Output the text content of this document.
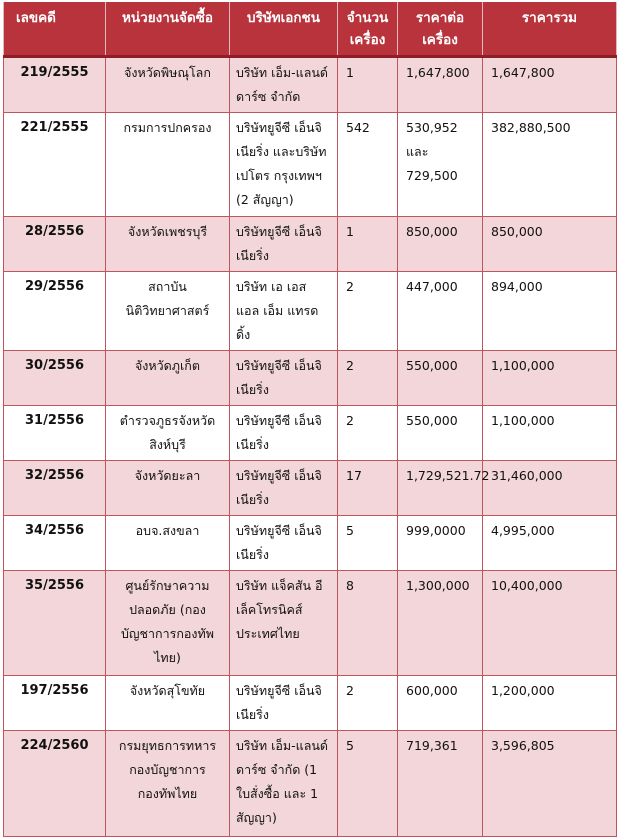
เลขคดี	หน่วยงานจัดซื้อ	บริษัทเอกชน	จำนวนเครื่อง	ราคาต่อเครื่อง	ราคารวม
219/2555	จังหวัดพิษณุโลก	บริษัท เอ็ม-แลนด์ ดาร์ซ จำกัด	1	1,647,800	1,647,800
221/2555	กรมการปกครอง	บริษัทยูจีซี เอ็นจิเนียริ่ง และบริษัทเปโตร กรุงเทพฯ (2 สัญญา)	542	530,952 และ 729,500	382,880,500
28/2556	จังหวัดเพชรบุรี	บริษัทยูจีซี เอ็นจิเนียริ่ง	1	850,000	850,000
29/2556	สถาบันนิติวิทยาศาสตร์	บริษัท เอ เอส แอล เอ็ม แทรดดิ้ง	2	447,000	894,000
30/2556	จังหวัดภูเก็ต	บริษัทยูจีซี เอ็นจิเนียริ่ง	2	550,000	1,100,000
31/2556	ตำรวจภูธรจังหวัดสิงห์บุรี	บริษัทยูจีซี เอ็นจิเนียริ่ง	2	550,000	1,100,000
32/2556	จังหวัดยะลา	บริษัทยูจีซี เอ็นจิเนียริ่ง	17	1,729,521.72	31,460,000
34/2556	อบจ.สงขลา	บริษัทยูจีซี เอ็นจิเนียริ่ง	5	999,0000	4,995,000
35/2556	ศูนย์รักษาความปลอดภัย (กองบัญชาการกองทัพไทย)	บริษัท แจ็คสัน อีเล็คโทรนิคส์ ประเทศไทย	8	1,300,000	10,400,000
197/2556	จังหวัดสุโขทัย	บริษัทยูจีซี เอ็นจิเนียริ่ง	2	600,000	1,200,000
224/2560	กรมยุทธการทหาร กองบัญชาการกองทัพไทย	บริษัท เอ็ม-แลนด์ ดาร์ซ จำกัด (1 ใบสั่งซื้อ และ 1 สัญญา)	5	719,361	3,596,805
